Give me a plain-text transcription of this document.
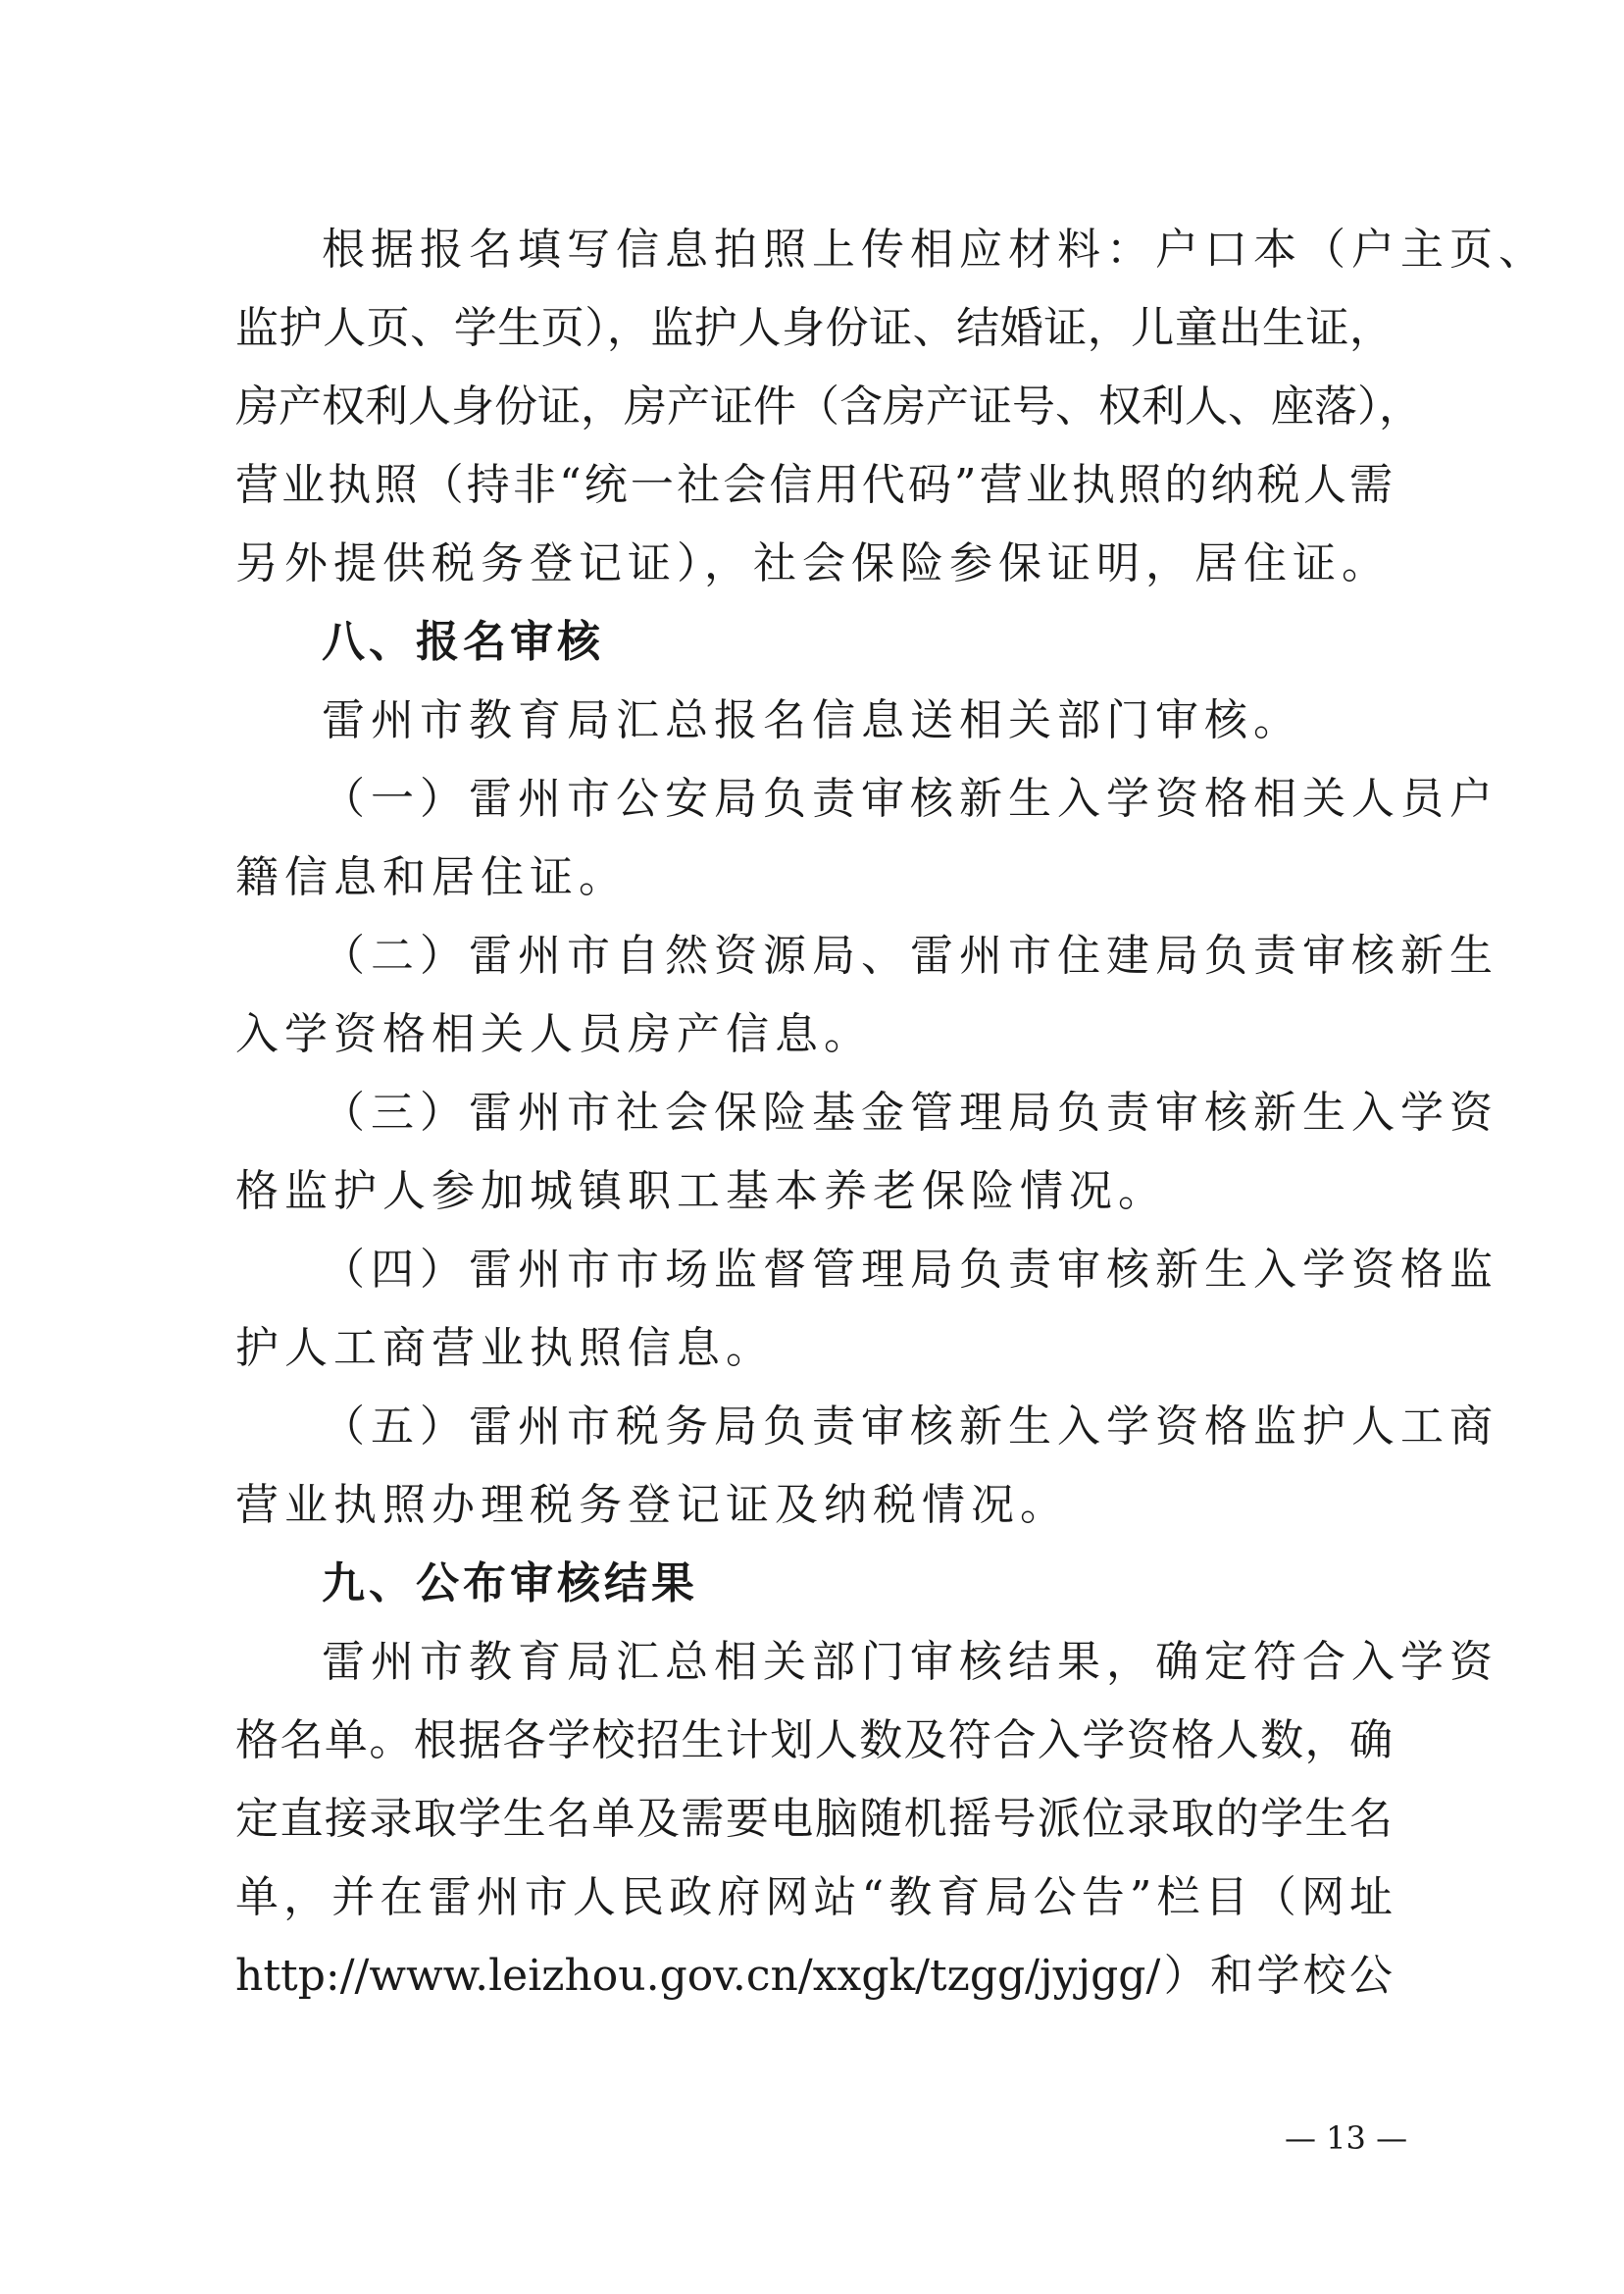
根据报名填写信息拍照上传相应材料：户口本（户主页、
监护人页、学生页），监护人身份证、结婚证，儿童出生证，
房产权利人身份证，房产证件（含房产证号、权利人、座落），
营业执照（持非“统一社会信用代码”营业执照的纳税人需
另外提供税务登记证），社会保险参保证明，居住证。
八、报名审核
雷州市教育局汇总报名信息送相关部门审核。
（一）雷州市公安局负责审核新生入学资格相关人员户
籍信息和居住证。
（二）雷州市自然资源局、雷州市住建局负责审核新生
入学资格相关人员房产信息。
（三）雷州市社会保险基金管理局负责审核新生入学资
格监护人参加城镇职工基本养老保险情况。
（四）雷州市市场监督管理局负责审核新生入学资格监
护人工商营业执照信息。
（五）雷州市税务局负责审核新生入学资格监护人工商
营业执照办理税务登记证及纳税情况。
九、公布审核结果
雷州市教育局汇总相关部门审核结果，确定符合入学资
格名单。根据各学校招生计划人数及符合入学资格人数，确
定直接录取学生名单及需要电脑随机摇号派位录取的学生名
单，并在雷州市人民政府网站“教育局公告”栏目（网址
http://www.leizhou.gov.cn/xxgk/tzgg/jyjgg/）和学校公
— 13 —
